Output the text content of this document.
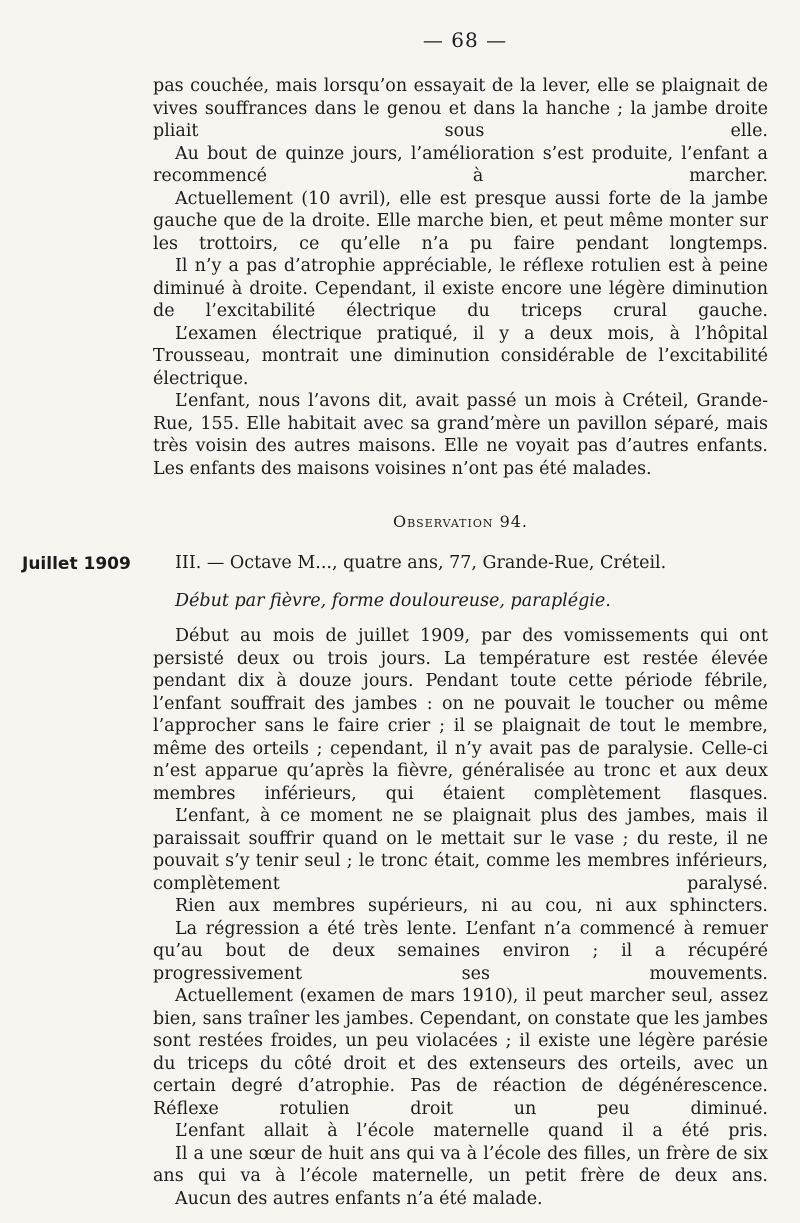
— 68 —

pas couchée, mais lorsqu’on essayait de la lever, elle se plaignait de vives souffrances dans le genou et dans la hanche ; la jambe droite pliait sous elle.

Au bout de quinze jours, l’amélioration s’est produite, l’enfant a recommencé à marcher.

Actuellement (10 avril), elle est presque aussi forte de la jambe gauche que de la droite. Elle marche bien, et peut même monter sur les trottoirs, ce qu’elle n’a pu faire pendant longtemps.

Il n’y a pas d’atrophie appréciable, le réflexe rotulien est à peine diminué à droite. Cependant, il existe encore une légère diminution de l’excitabilité électrique du triceps crural gauche.

L’examen électrique pratiqué, il y a deux mois, à l’hôpital Trousseau, montrait une diminution considérable de l’excitabilité électrique.

L’enfant, nous l’avons dit, avait passé un mois à Créteil, Grande-Rue, 155. Elle habitait avec sa grand’mère un pavillon séparé, mais très voisin des autres maisons. Elle ne voyait pas d’autres enfants. Les enfants des maisons voisines n’ont pas été malades.

Observation 94.
Juillet 1909	III. — Octave M..., quatre ans, 77, Grande-Rue, Créteil.
Début par fièvre, forme douloureuse, paraplégie.

Début au mois de juillet 1909, par des vomissements qui ont persisté deux ou trois jours. La température est restée élevée pendant dix à douze jours. Pendant toute cette période fébrile, l’enfant souffrait des jambes : on ne pouvait le toucher ou même l’approcher sans le faire crier ; il se plaignait de tout le membre, même des orteils ; cependant, il n’y avait pas de paralysie. Celle-ci n’est apparue qu’après la fièvre, généralisée au tronc et aux deux membres inférieurs, qui étaient complètement flasques.

L’enfant, à ce moment ne se plaignait plus des jambes, mais il paraissait souffrir quand on le mettait sur le vase ; du reste, il ne pouvait s’y tenir seul ; le tronc était, comme les membres inférieurs, complètement paralysé.

Rien aux membres supérieurs, ni au cou, ni aux sphincters.

La régression a été très lente. L’enfant n’a commencé à remuer qu’au bout de deux semaines environ ; il a récupéré progressivement ses mouvements.

Actuellement (examen de mars 1910), il peut marcher seul, assez bien, sans traîner les jambes. Cependant, on constate que les jambes sont restées froides, un peu violacées ; il existe une légère parésie du triceps du côté droit et des extenseurs des orteils, avec un certain degré d’atrophie. Pas de réaction de dégénérescence. Réflexe rotulien droit un peu diminué.

L’enfant allait à l’école maternelle quand il a été pris.

Il a une sœur de huit ans qui va à l’école des filles, un frère de six ans qui va à l’école maternelle, un petit frère de deux ans.

Aucun des autres enfants n’a été malade.
